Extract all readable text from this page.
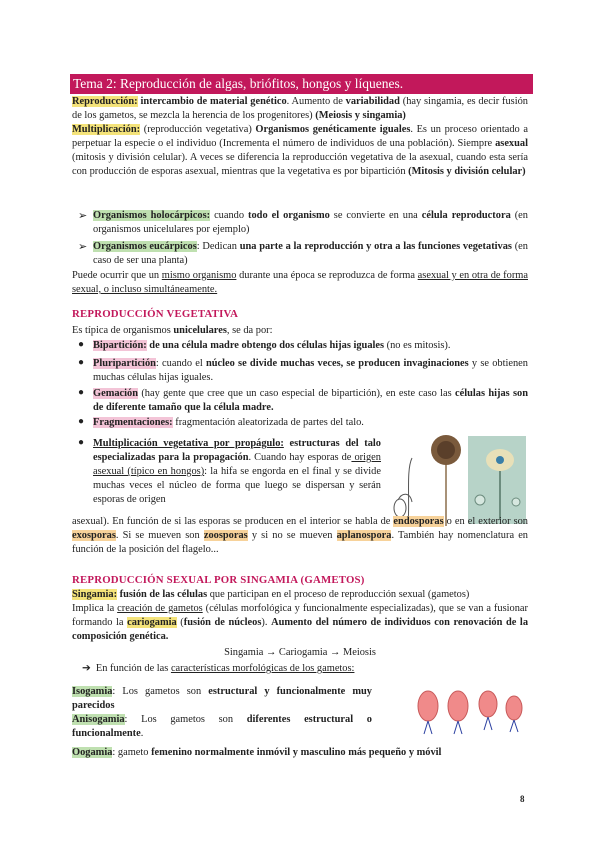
Tema 2: Reproducción de algas, briófitos, hongos y líquenes.
Reproducción: intercambio de material genético. Aumento de variabilidad (hay singamia, es decir fusión de los gametos, se mezcla la herencia de los progenitores) (Meiosis y singamia)
Multiplicación: (reproducción vegetativa) Organismos genéticamente iguales. Es un proceso orientado a perpetuar la especie o el individuo (Incrementa el número de individuos de una población). Siempre asexual (mitosis y división celular). A veces se diferencia la reproducción vegetativa de la asexual, cuando esta sería con producción de esporas asexual, mientras que la vegetativa es por bipartición (Mitosis y división celular)
➢ Organismos holocárpicos: cuando todo el organismo se convierte en una célula reproductora (en organismos unicelulares por ejemplo)
➢ Organismos eucárpicos: Dedican una parte a la reproducción y otra a las funciones vegetativas (en caso de ser una planta)
Puede ocurrir que un mismo organismo durante una época se reproduzca de forma asexual y en otra de forma sexual, o incluso simultáneamente.
REPRODUCCIÓN VEGETATIVA
Es típica de organismos unicelulares, se da por:
● Bipartición: de una célula madre obtengo dos células hijas iguales (no es mitosis).
● Pluripartición: cuando el núcleo se divide muchas veces, se producen invaginaciones y se obtienen muchas células hijas iguales.
● Gemación (hay gente que cree que un caso especial de bipartición), en este caso las células hijas son de diferente tamaño que la célula madre.
● Fragmentaciones: fragmentación aleatorizada de partes del talo.
● Multiplicación vegetativa por propágulo: estructuras del talo especializadas para la propagación. Cuando hay esporas de origen asexual (típico en hongos): la hifa se engorda en el final y se divide muchas veces el núcleo de forma que luego se dispersan y serán esporas de origen
asexual). En función de si las esporas se producen en el interior se habla de endosporas o en el exterior son exosporas. Si se mueven son zoosporas y si no se mueven aplanospora. También hay nomenclatura en función de la posición del flagelo...
REPRODUCCIÓN SEXUAL POR SINGAMIA (GAMETOS)
Singamia: fusión de las células que participan en el proceso de reproducción sexual (gametos)
Implica la creación de gametos (células morfológica y funcionalmente especializadas), que se van a fusionar formando la cariogamia (fusión de núcleos). Aumento del número de individuos con renovación de la composición genética.
Singamia → Cariogamia → Meiosis
➔  En función de las características morfológicas de los gametos:
Isogamia: Los gametos son estructural y funcionalmente muy parecidos
Anisogamia: Los gametos son diferentes estructural o funcionalmente.
Oogamia: gameto femenino normalmente inmóvil y masculino más pequeño y móvil
8
